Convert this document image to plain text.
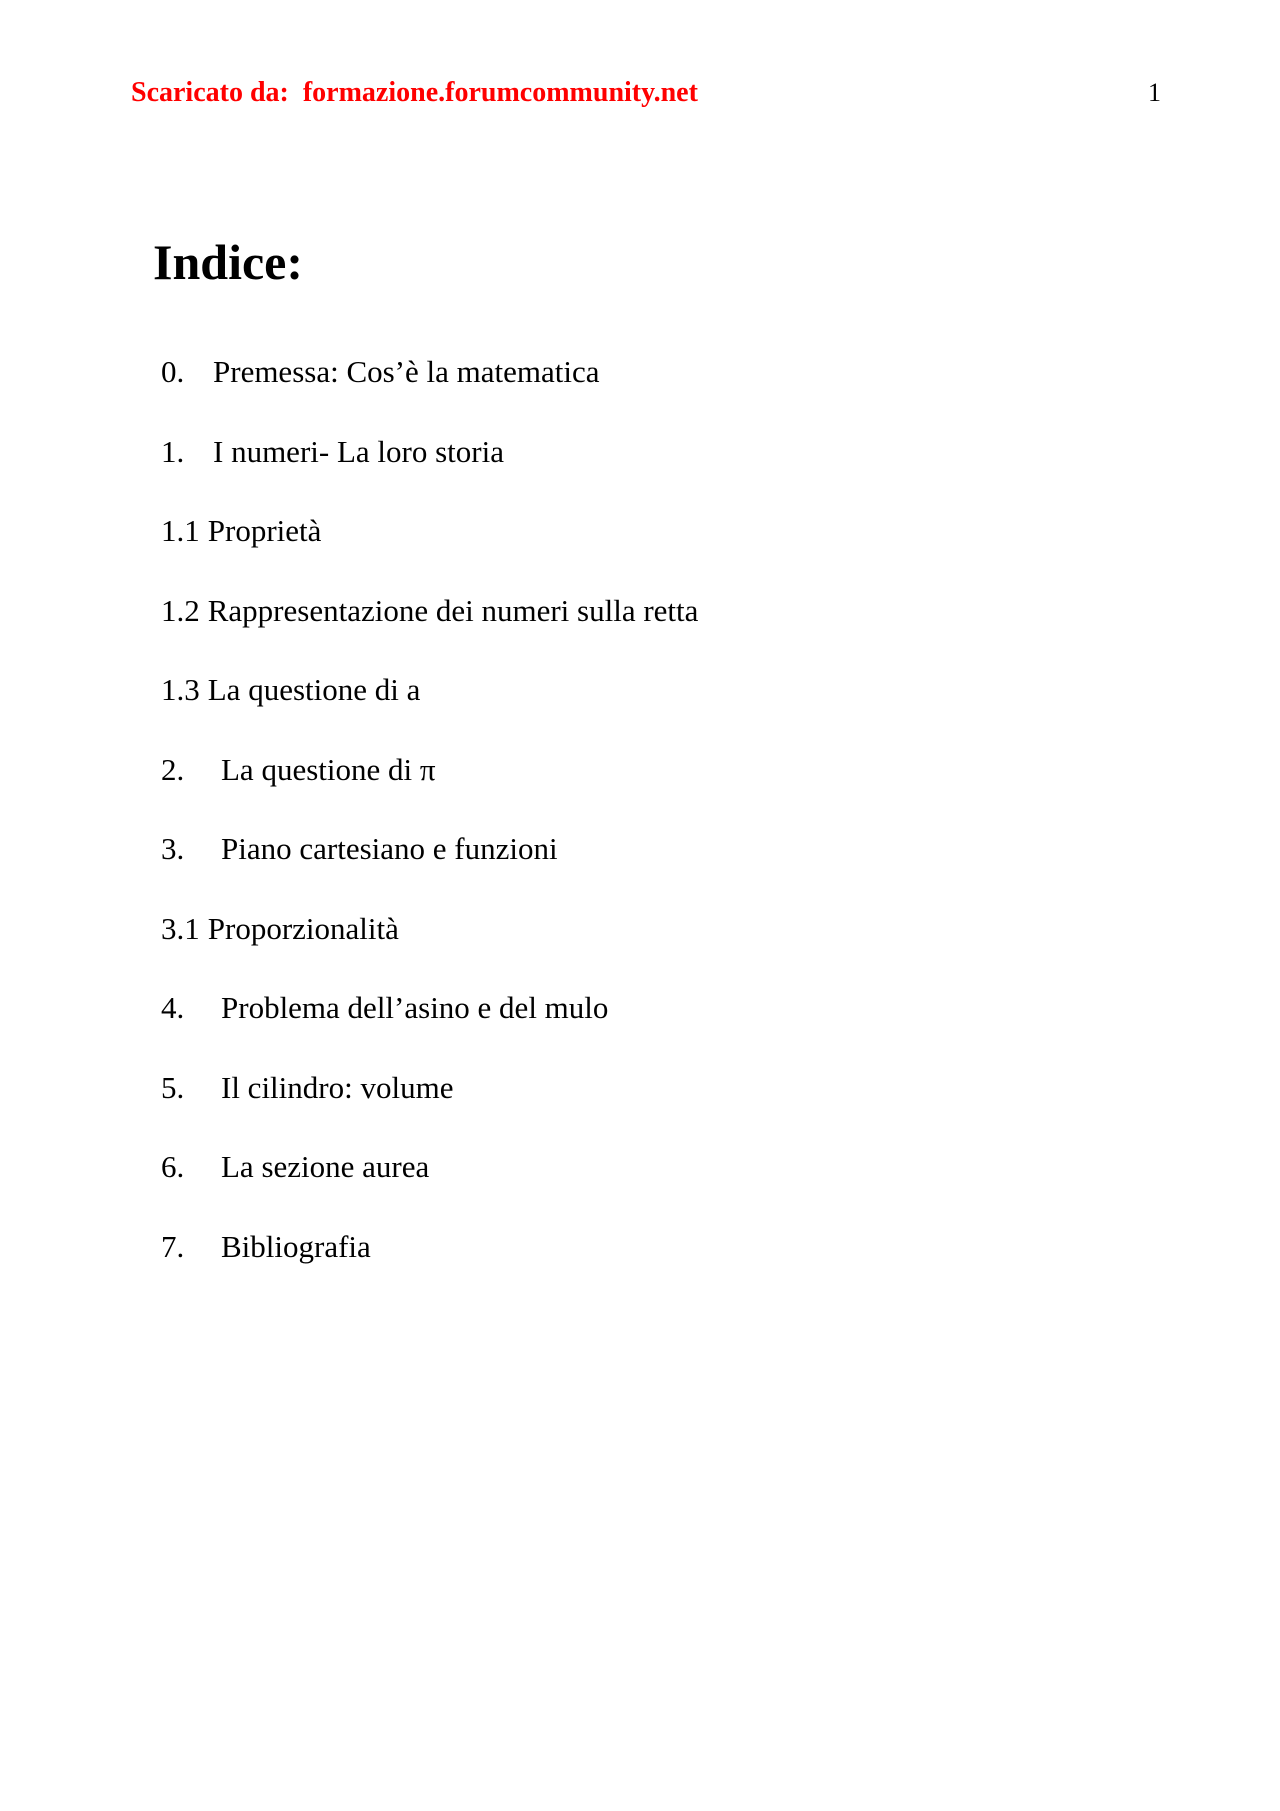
Scaricato da: formazione.forumcommunity.net	1
Indice:
0. Premessa: Cos’è la matematica
1. I numeri- La loro storia
1.1 Proprietà
1.2 Rappresentazione dei numeri sulla retta
1.3 La questione di a
2.	La questione di π
3.	Piano cartesiano e funzioni
3.1 Proporzionalità
4.	Problema dell’asino e del mulo
5.	Il cilindro: volume
6.	La sezione aurea
7.	Bibliografia
